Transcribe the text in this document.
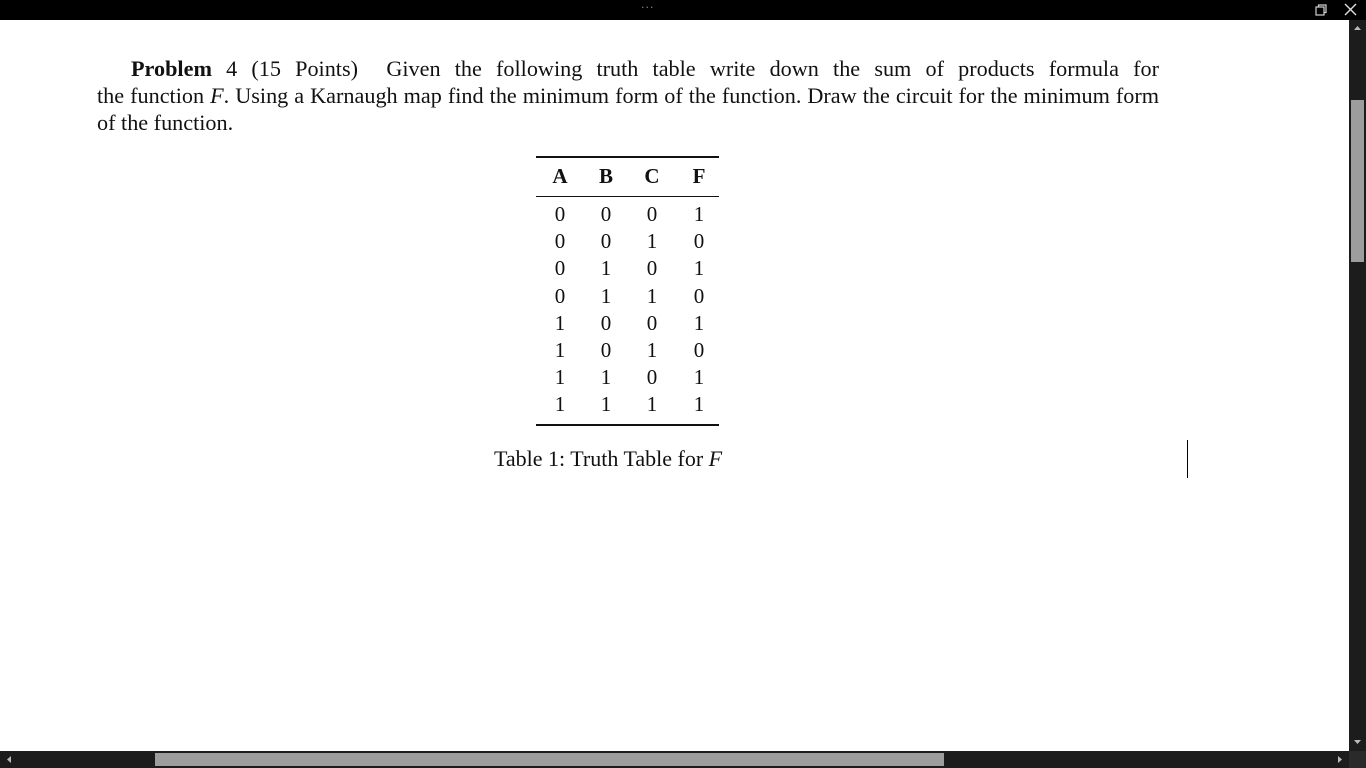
···
Problem 4 (15 Points) Given the following truth table write down the sum of products formula for
the function F. Using a Karnaugh map find the minimum form of the function. Draw the circuit for the minimum form of the function.
A	B	C	F
0	0	0	1
0	0	1	0
0	1	0	1
0	1	1	0
1	0	0	1
1	0	1	0
1	1	0	1
1	1	1	1
Table 1: Truth Table for F
